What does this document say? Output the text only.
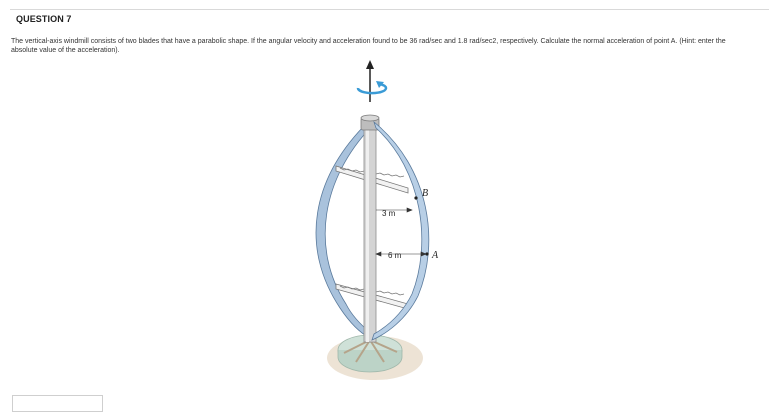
QUESTION 7
The vertical-axis windmill consists of two blades that have a parabolic shape. If the angular velocity and acceleration found to be 36 rad/sec and 1.8 rad/sec2, respectively. Calculate the normal acceleration of point A. (Hint: enter the absolute value of the acceleration).
3 m
6 m
B
A
